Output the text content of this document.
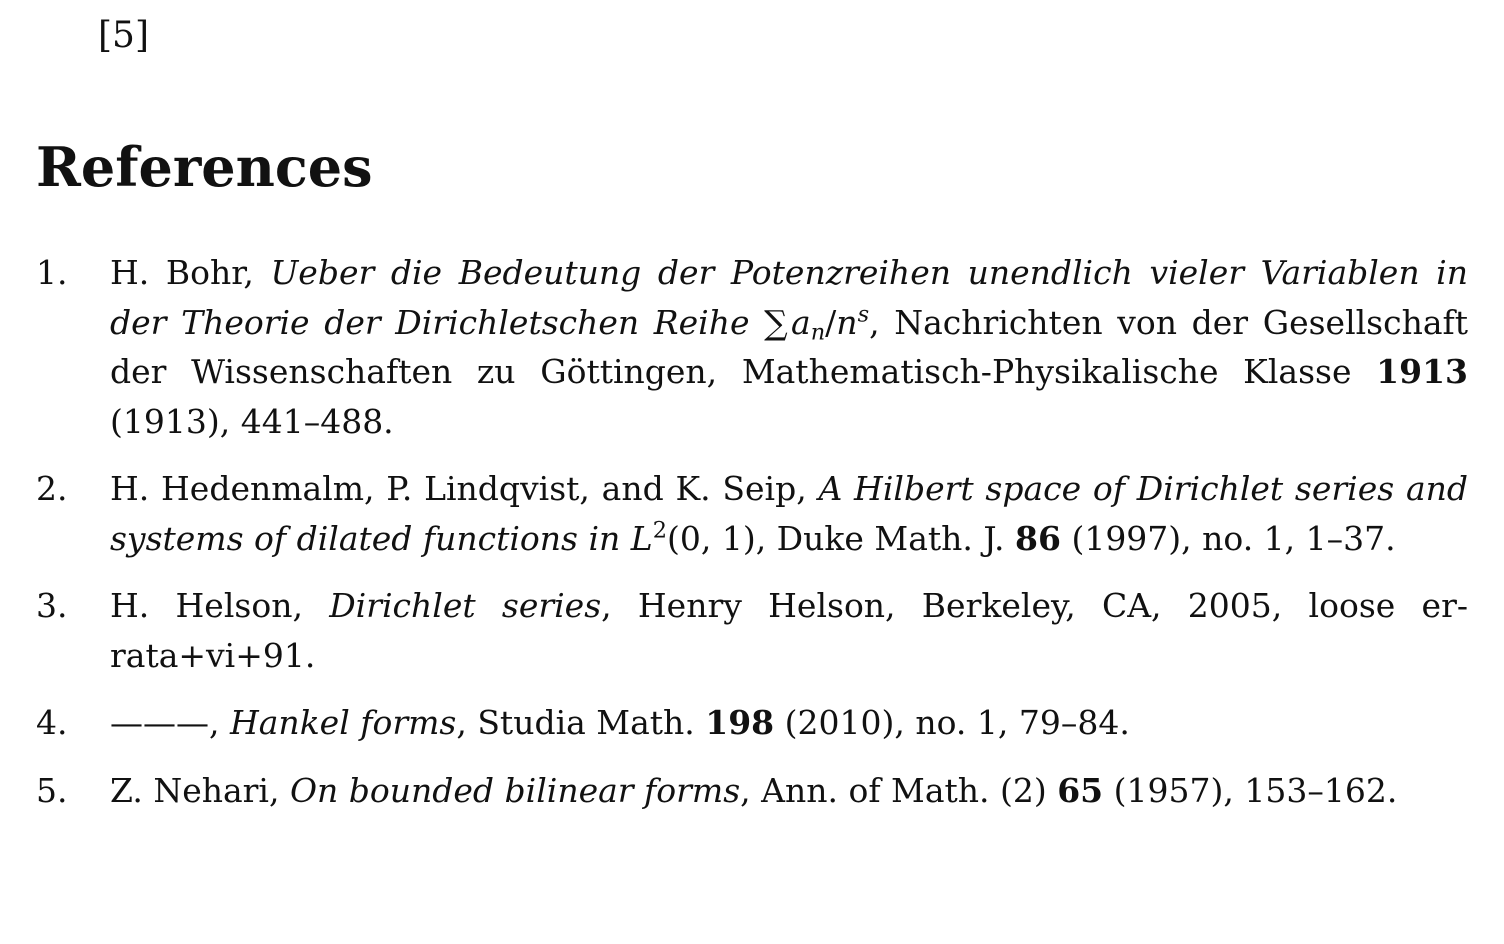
[5]
References
1. H. Bohr, Ueber die Bedeutung der Potenzreihen unendlich vieler Variablen in der Theorie der Dirichletschen Reihe ∑ $a_n/n^s$, Nachrichten von der Gesellschaft der Wissenschaften zu Göttingen, Mathematisch-Physikalische Klasse 1913 (1913), 441–488.
2. H. Hedenmalm, P. Lindqvist, and K. Seip, A Hilbert space of Dirichlet series and systems of dilated functions in $L^2(0$, 1), Duke Math. J. 86 (1997), no. 1, 1–37.
3. H. Helson, Dirichlet series, Henry Helson, Berkeley, CA, 2005, loose errata+vi+91.
4. ———, Hankel forms, Studia Math. 198 (2010), no. 1, 79–84.
5. Z. Nehari, On bounded bilinear forms, Ann. of Math. (2) 65 (1957), 153–162.
